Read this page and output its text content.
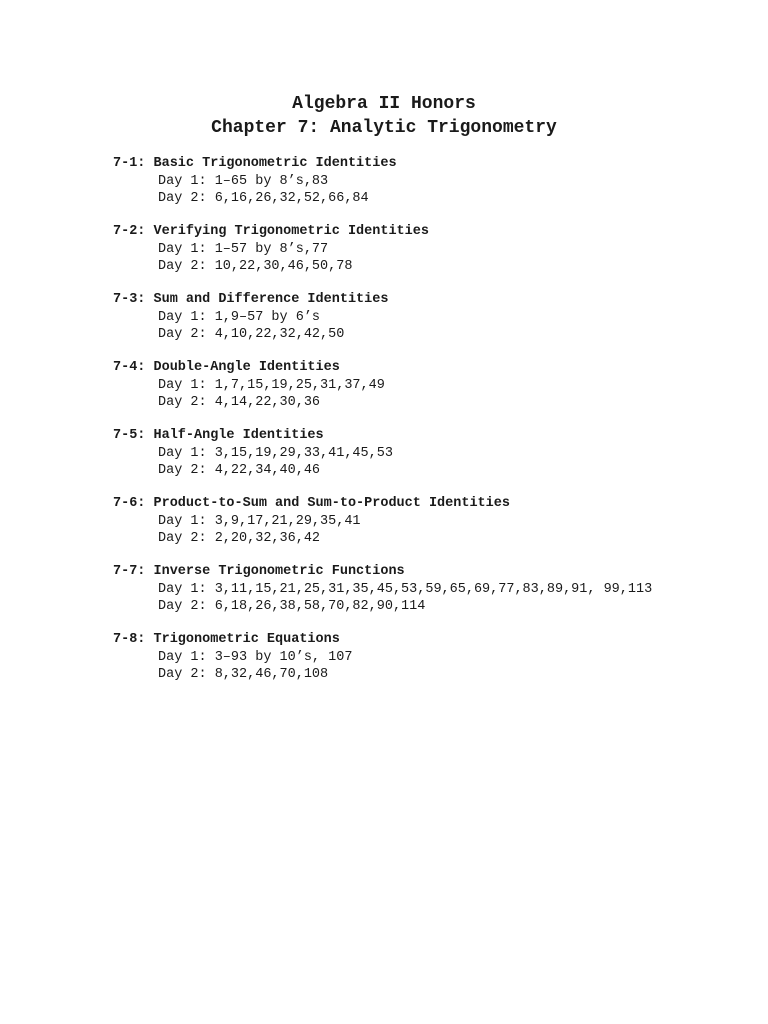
Algebra II Honors
Chapter 7: Analytic Trigonometry
7-1: Basic Trigonometric Identities
Day 1: 1–65 by 8’s,83
Day 2: 6,16,26,32,52,66,84
7-2: Verifying Trigonometric Identities
Day 1: 1–57 by 8’s,77
Day 2: 10,22,30,46,50,78
7-3: Sum and Difference Identities
Day 1: 1,9–57 by 6’s
Day 2: 4,10,22,32,42,50
7-4: Double-Angle Identities
Day 1: 1,7,15,19,25,31,37,49
Day 2: 4,14,22,30,36
7-5: Half-Angle Identities
Day 1: 3,15,19,29,33,41,45,53
Day 2: 4,22,34,40,46
7-6: Product-to-Sum and Sum-to-Product Identities
Day 1: 3,9,17,21,29,35,41
Day 2: 2,20,32,36,42
7-7: Inverse Trigonometric Functions
Day 1: 3,11,15,21,25,31,35,45,53,59,65,69,77,83,89,91, 99,113
Day 2: 6,18,26,38,58,70,82,90,114
7-8: Trigonometric Equations
Day 1: 3–93 by 10’s, 107
Day 2: 8,32,46,70,108
